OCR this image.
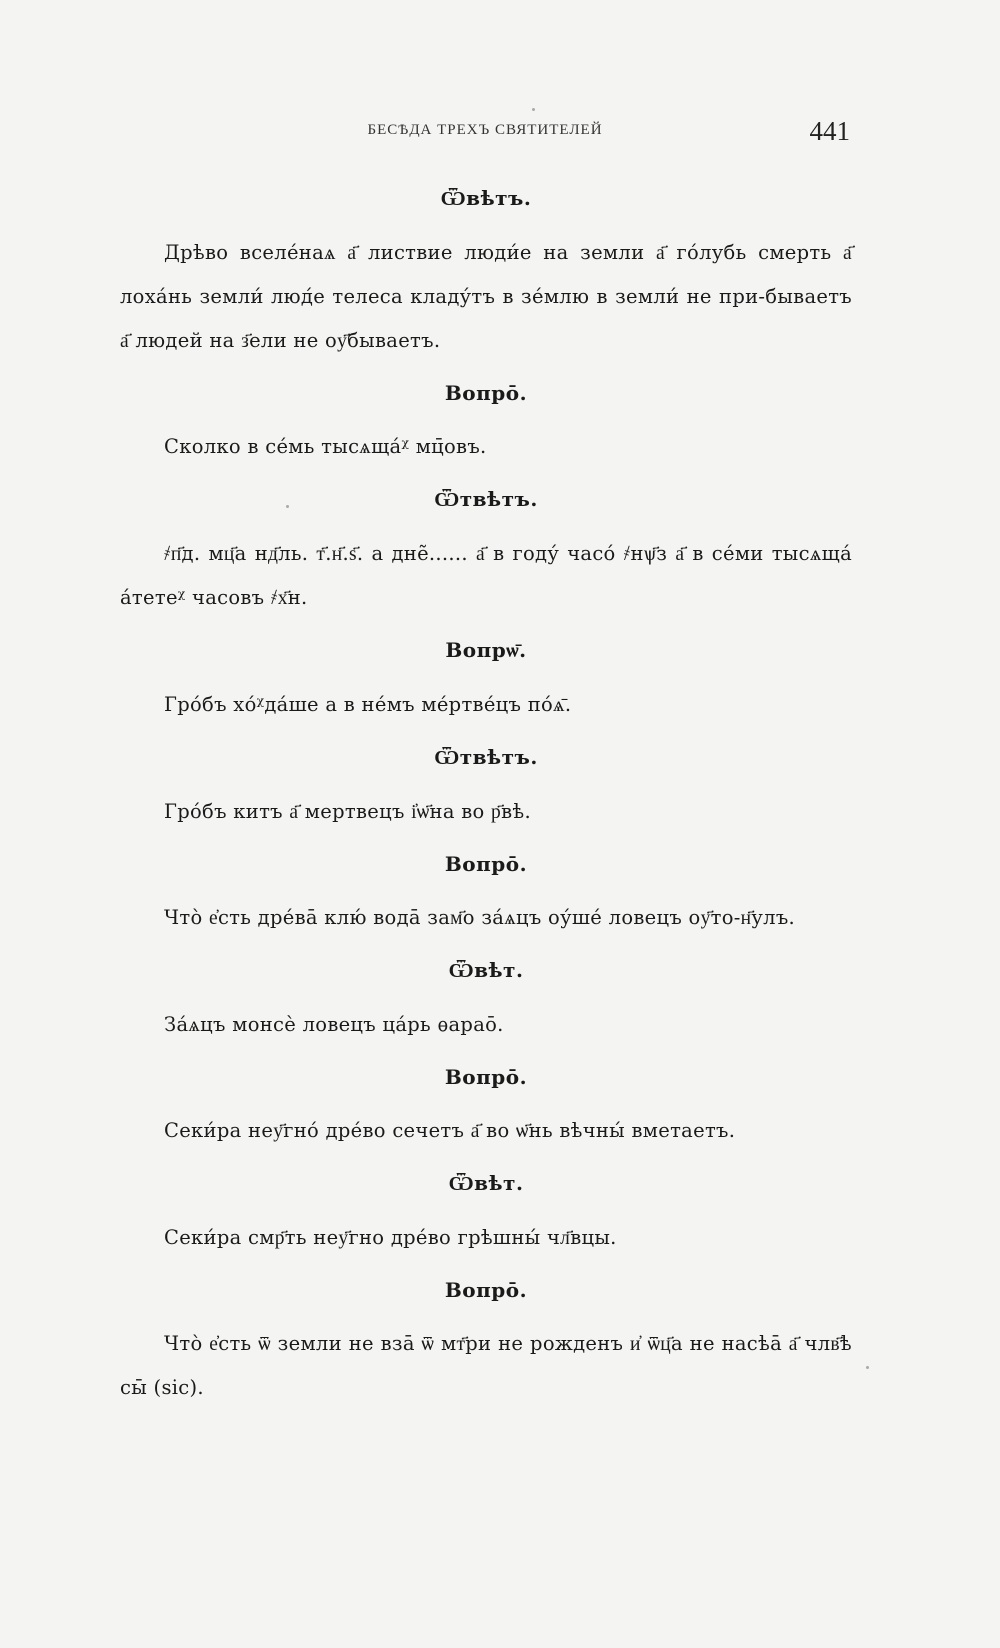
БЕСѢДА ТРЕХЪ СВЯТИТЕЛЕЙ	441
Ѿвѣтъ.

Дрѣво вселе́наѧ а҃ листвие люди́е на земли а҃ го́лубь смерть а҃ лоха́нь земли́ люд́е телеса кладу́тъ в зе́млю в земли́ не при-бываетъ а҃ людей на з҃ели не оу҃бываетъ.

Вопро̄.

Сколко в се́мь тысѧща́ᵡ мц̄овъ.

Ѿтвѣтъ.

҂п҃д. мц҃а нд҃ль. т҃.н҃.ѕ҃. а дне̃...... а҃ в году́ часо́ ҂нѱ҃з а҃ в се́ми тысѧща́ а́тетеᵡ часовъ ҂х҃н.

Вопрѡ̄.

Гро́бъ хо́ᵡда́ше а в не́мъ ме́ртве́цъ по́ѧ̄.

Ѿтвѣтъ.

Гро́бъ китъ а҃ мертвецъ і҆ѡ҃на во р҃вѣ.

Вопро̄.

Что̀ е҆сть дре́ва̄ клю́ вода̄ зам҃о за́ѧцъ оу́ше́ ловецъ оу҃то-н҃улъ.

Ѿвѣт.

За́ѧцъ монсѐ ловецъ ца́рь ѳарао̄.

Вопро̄.

Секи́ра неу҃гно́ дре́во сечетъ а҃ во ѡ҃нь вѣчны́ вметаетъ.

Ѿвѣт.

Секи́ра смр҃ть неу҃гно дре́во грѣшны́ чл҃вцы.

Вопро̄.

Что̀ е҆сть ѿ земли не вза̄ ѿ мт҃ри не рожденъ и҆ ѿц҃а не насѣа̄ а҃ члв҃ѣ сы̄ (sic).
